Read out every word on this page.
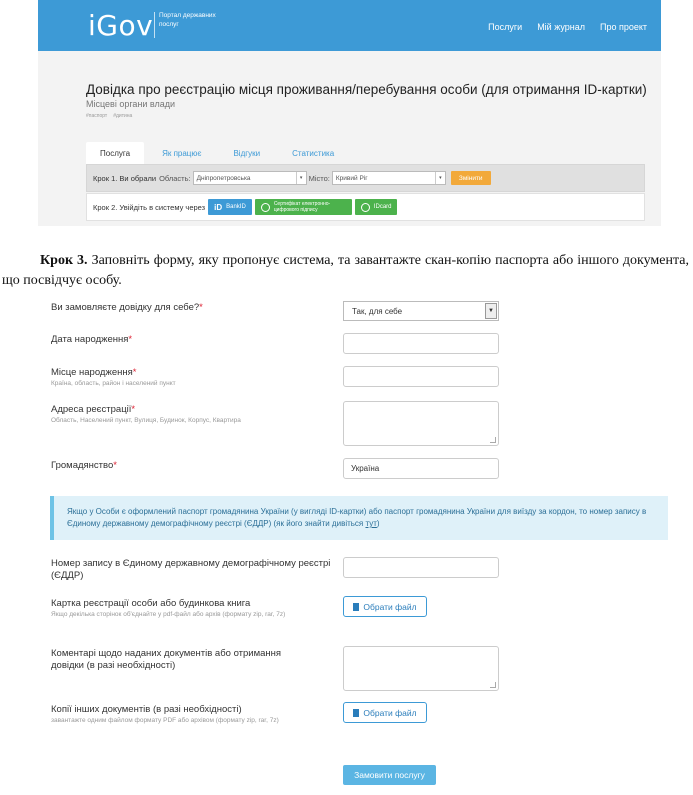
iGov Портал державних послуг	Послуги Мій журнал Про проект
Довідка про реєстрацію місця проживання/перебування особи (для отримання ID-картки)
Місцеві органи влади
#паспорт #дитина
Послуга	Як працює	Відгуки	Статистика
Крок 1. Ви обрали Область: Дніпропетровська	▾ Місто: Кривий Ріг	▾	Змінити
Крок 2. Увійдіть в систему через iD BankID	Сертифікат електронно-цифрового підпису	IDcard

Крок 3. Заповніть форму, яку пропонує система, та завантажте скан-копію паспорта або іншого документа, що посвідчує особу.

Ви замовляєте довідку для себе?*	Так, для себе	▼
Дата народження*
Місце народження*
Країна, область, район і населений пункт
Адреса реєстрації*
Область, Населений пункт, Вулиця, Будинок, Корпус, Квартира
Громадянство*	Україна
Якщо у Особи є оформлений паспорт громадянина України (у вигляді ID-картки) або паспорт громадянина України для виїзду за кордон, то номер запису в Єдиному державному демографічному реєстрі (ЄДДР) (як його знайти дивіться тут)
Номер запису в Єдиному державному демографічному реєстрі (ЄДДР)
Картка реєстрації особи або будинкова книга
Якщо декілька сторінок об'єднайте у pdf-файл або архів (формату zip, rar, 7z)
Обрати файл
Коментарі щодо наданих документів або отримання довідки (в разі необхідності)
Копії інших документів (в разі необхідності)
завантажте одним файлом формату PDF або архівом (формату zip, rar, 7z)
Обрати файл
Замовити послугу
